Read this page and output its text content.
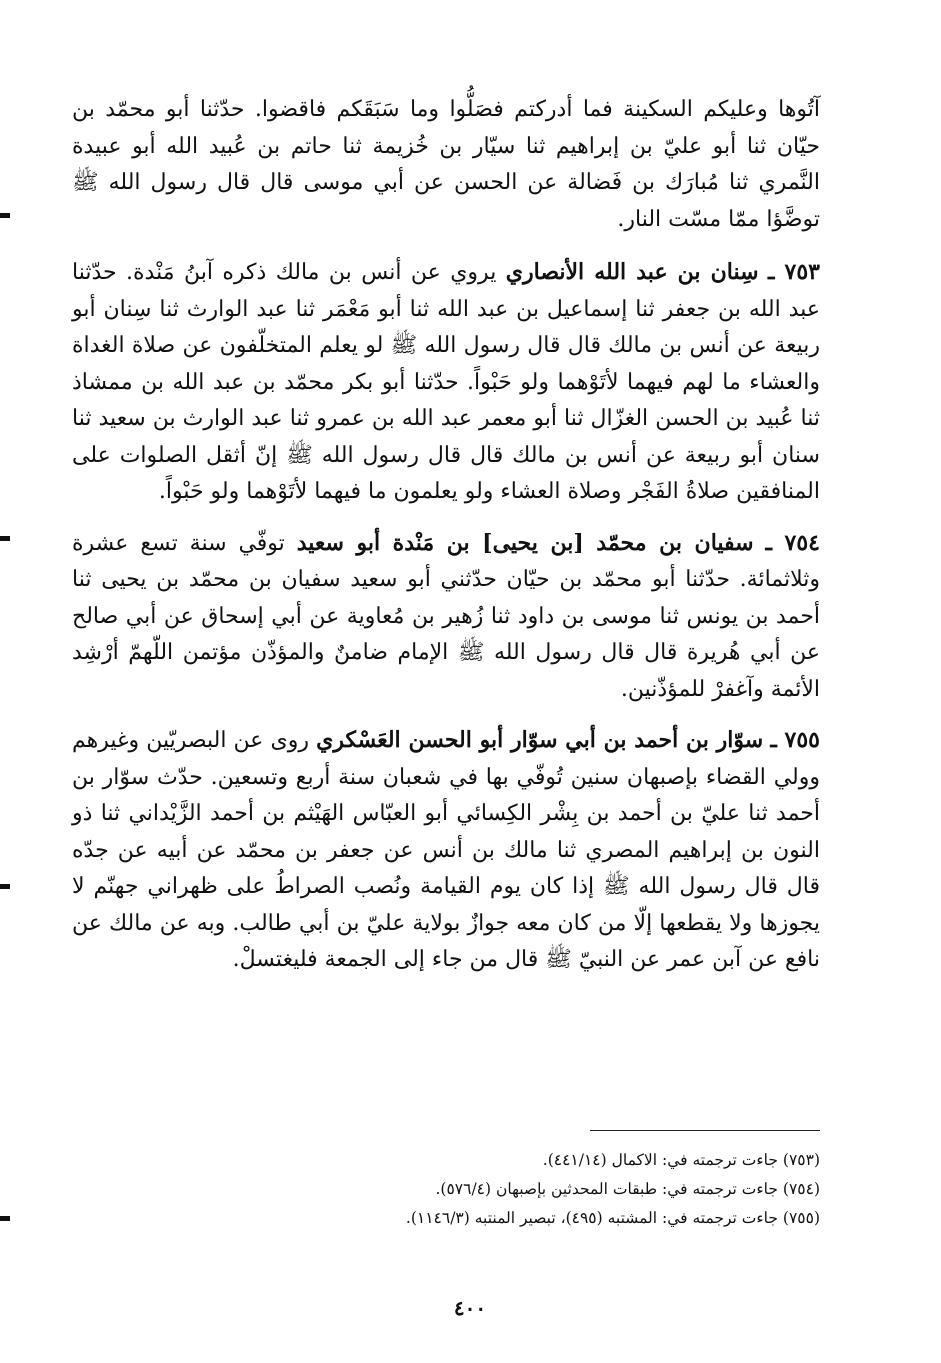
آتُوها وعليكم السكينة فما أدركتم فصَلُّوا وما سَبَقَكم فاقضوا. حدّثنا أبو محمّد بن حيّان ثنا أبو عليّ بن إبراهيم ثنا سيّار بن خُزيمة ثنا حاتم بن عُبيد الله أبو عبيدة النَّمري ثنا مُبارَك بن فَضالة عن الحسن عن أبي موسى قال قال رسول الله ﷺ توضَّؤا ممّا مسّت النار.

٧٥٣ ـ سِنان بن عبد الله الأنصاري يروي عن أنس بن مالك ذكره آبنُ مَنْدة. حدّثنا عبد الله بن جعفر ثنا إسماعيل بن عبد الله ثنا أبو مَعْمَر ثنا عبد الوارث ثنا سِنان أبو ربيعة عن أنس بن مالك قال قال رسول الله ﷺ لو يعلم المتخلّفون عن صلاة الغداة والعشاء ما لهم فيهما لأتَوْهما ولو حَبْواً. حدّثنا أبو بكر محمّد بن عبد الله بن ممشاذ ثنا عُبيد بن الحسن الغزّال ثنا أبو معمر عبد الله بن عمرو ثنا عبد الوارث بن سعيد ثنا سنان أبو ربيعة عن أنس بن مالك قال قال رسول الله ﷺ إنّ أثقل الصلوات على المنافقين صلاةُ الفَجْر وصلاة العشاء ولو يعلمون ما فيهما لأتَوْهما ولو حَبْواً.

٧٥٤ ـ سفيان بن محمّد [بن يحيى] بن مَنْدة أبو سعيد توفّي سنة تسع عشرة وثلاثمائة. حدّثنا أبو محمّد بن حيّان حدّثني أبو سعيد سفيان بن محمّد بن يحيى ثنا أحمد بن يونس ثنا موسى بن داود ثنا زُهير بن مُعاوية عن أبي إسحاق عن أبي صالح عن أبي هُريرة قال قال رسول الله ﷺ الإمام ضامنٌ والمؤذّن مؤتمن اللّهمّ أرْشِد الأئمة وآغفرْ للمؤذّنين.

٧٥٥ ـ سوّار بن أحمد بن أبي سوّار أبو الحسن العَسْكري روى عن البصريّين وغيرهم وولي القضاء بإصبهان سنين تُوفّي بها في شعبان سنة أربع وتسعين. حدّث سوّار بن أحمد ثنا عليّ بن أحمد بن بِشْر الكِسائي أبو العبّاس الهَيْثم بن أحمد الزَّيْداني ثنا ذو النون بن إبراهيم المصري ثنا مالك بن أنس عن جعفر بن محمّد عن أبيه عن جدّه قال قال رسول الله ﷺ إذا كان يوم القيامة ونُصب الصراطُ على ظهراني جهنّم لا يجوزها ولا يقطعها إلّا من كان معه جوازٌ بولاية عليّ بن أبي طالب. وبه عن مالك عن نافع عن آبن عمر عن النبيّ ﷺ قال من جاء إلى الجمعة فليغتسلْ.

(٧٥٣) جاءت ترجمته في: الاكمال (٤٤١/١٤).

(٧٥٤) جاءت ترجمته في: طبقات المحدثين بإصبهان (٥٧٦/٤).

(٧٥٥) جاءت ترجمته في: المشتبه (٤٩٥)، تبصير المنتبه (١١٤٦/٣).

٤٠٠
